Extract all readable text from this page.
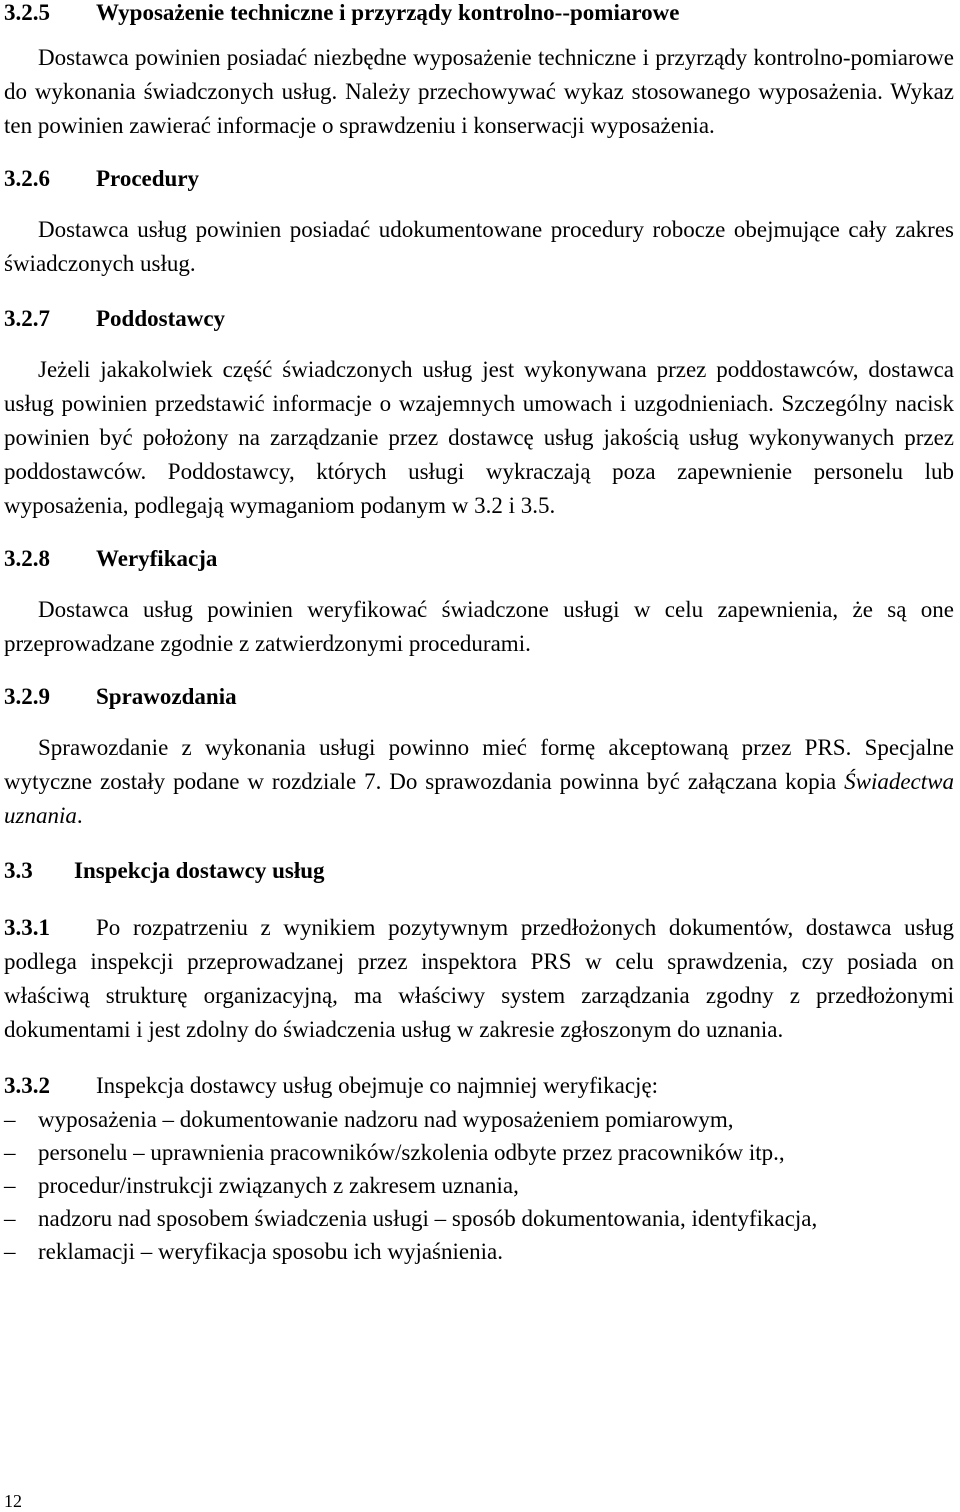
3.2.5 Wyposażenie techniczne i przyrządy kontrolno--pomiarowe

Dostawca powinien posiadać niezbędne wyposażenie techniczne i przyrządy kontrolno-pomiarowe do wykonania świadczonych usług. Należy przechowywać wykaz stosowanego wyposażenia. Wykaz ten powinien zawierać informacje o sprawdzeniu i konserwacji wyposażenia.

3.2.6 Procedury

Dostawca usług powinien posiadać udokumentowane procedury robocze obejmujące cały zakres świadczonych usług.

3.2.7 Poddostawcy

Jeżeli jakakolwiek część świadczonych usług jest wykonywana przez poddostawców, dostawca usług powinien przedstawić informacje o wzajemnych umowach i uzgodnieniach. Szczególny nacisk powinien być położony na zarządzanie przez dostawcę usług jakością usług wykonywanych przez poddostawców. Poddostawcy, których usługi wykraczają poza zapewnienie personelu lub wyposażenia, podlegają wymaganiom podanym w 3.2 i 3.5.

3.2.8 Weryfikacja

Dostawca usług powinien weryfikować świadczone usługi w celu zapewnienia, że są one przeprowadzane zgodnie z zatwierdzonymi procedurami.

3.2.9 Sprawozdania

Sprawozdanie z wykonania usługi powinno mieć formę akceptowaną przez PRS. Specjalne wytyczne zostały podane w rozdziale 7. Do sprawozdania powinna być załączana kopia Świadectwa uznania.

3.3 Inspekcja dostawcy usług

3.3.1 Po rozpatrzeniu z wynikiem pozytywnym przedłożonych dokumentów, dostawca usług podlega inspekcji przeprowadzanej przez inspektora PRS w celu sprawdzenia, czy posiada on właściwą strukturę organizacyjną, ma właściwy system zarządzania zgodny z przedłożonymi dokumentami i jest zdolny do świadczenia usług w zakresie zgłoszonym do uznania.

3.3.2 Inspekcja dostawcy usług obejmuje co najmniej weryfikację:

– wyposażenia – dokumentowanie nadzoru nad wyposażeniem pomiarowym,
– personelu – uprawnienia pracowników/szkolenia odbyte przez pracowników itp.,
– procedur/instrukcji związanych z zakresem uznania,
– nadzoru nad sposobem świadczenia usługi – sposób dokumentowania, identyfikacja,
– reklamacji – weryfikacja sposobu ich wyjaśnienia.
12
